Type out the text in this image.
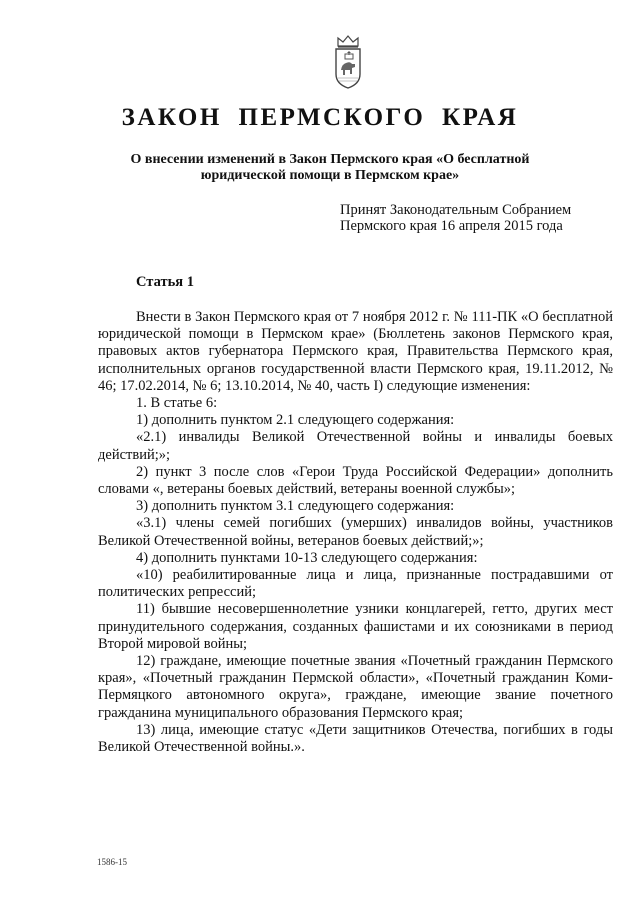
ЗАКОН ПЕРМСКОГО КРАЯ
О внесении изменений в Закон Пермского края «О бесплатной юридической помощи в Пермском крае»
Принят Законодательным Собранием
Пермского края 16 апреля 2015 года
Статья 1

Внести в Закон Пермского края от 7 ноября 2012 г. № 111-ПК «О бесплатной юридической помощи в Пермском крае» (Бюллетень законов Пермского края, правовых актов губернатора Пермского края, Правительства Пермского края, исполнительных органов государственной власти Пермского края, 19.11.2012, № 46; 17.02.2014, № 6; 13.10.2014, № 40, часть I) следующие изменения:

1. В статье 6:

1) дополнить пунктом 2.1 следующего содержания:

«2.1) инвалиды Великой Отечественной войны и инвалиды боевых действий;»;

2) пункт 3 после слов «Герои Труда Российской Федерации» дополнить словами «, ветераны боевых действий, ветераны военной службы»;

3) дополнить пунктом 3.1 следующего содержания:

«3.1) члены семей погибших (умерших) инвалидов войны, участников Великой Отечественной войны, ветеранов боевых действий;»;

4) дополнить пунктами 10-13 следующего содержания:

«10) реабилитированные лица и лица, признанные пострадавшими от политических репрессий;

11) бывшие несовершеннолетние узники концлагерей, гетто, других мест принудительного содержания, созданных фашистами и их союзниками в период Второй мировой войны;

12) граждане, имеющие почетные звания «Почетный гражданин Пермского края», «Почетный гражданин Пермской области», «Почетный гражданин Коми-Пермяцкого автономного округа», граждане, имеющие звание почетного гражданина муниципального образования Пермского края;

13) лица, имеющие статус «Дети защитников Отечества, погибших в годы Великой Отечественной войны.».

1586-15
